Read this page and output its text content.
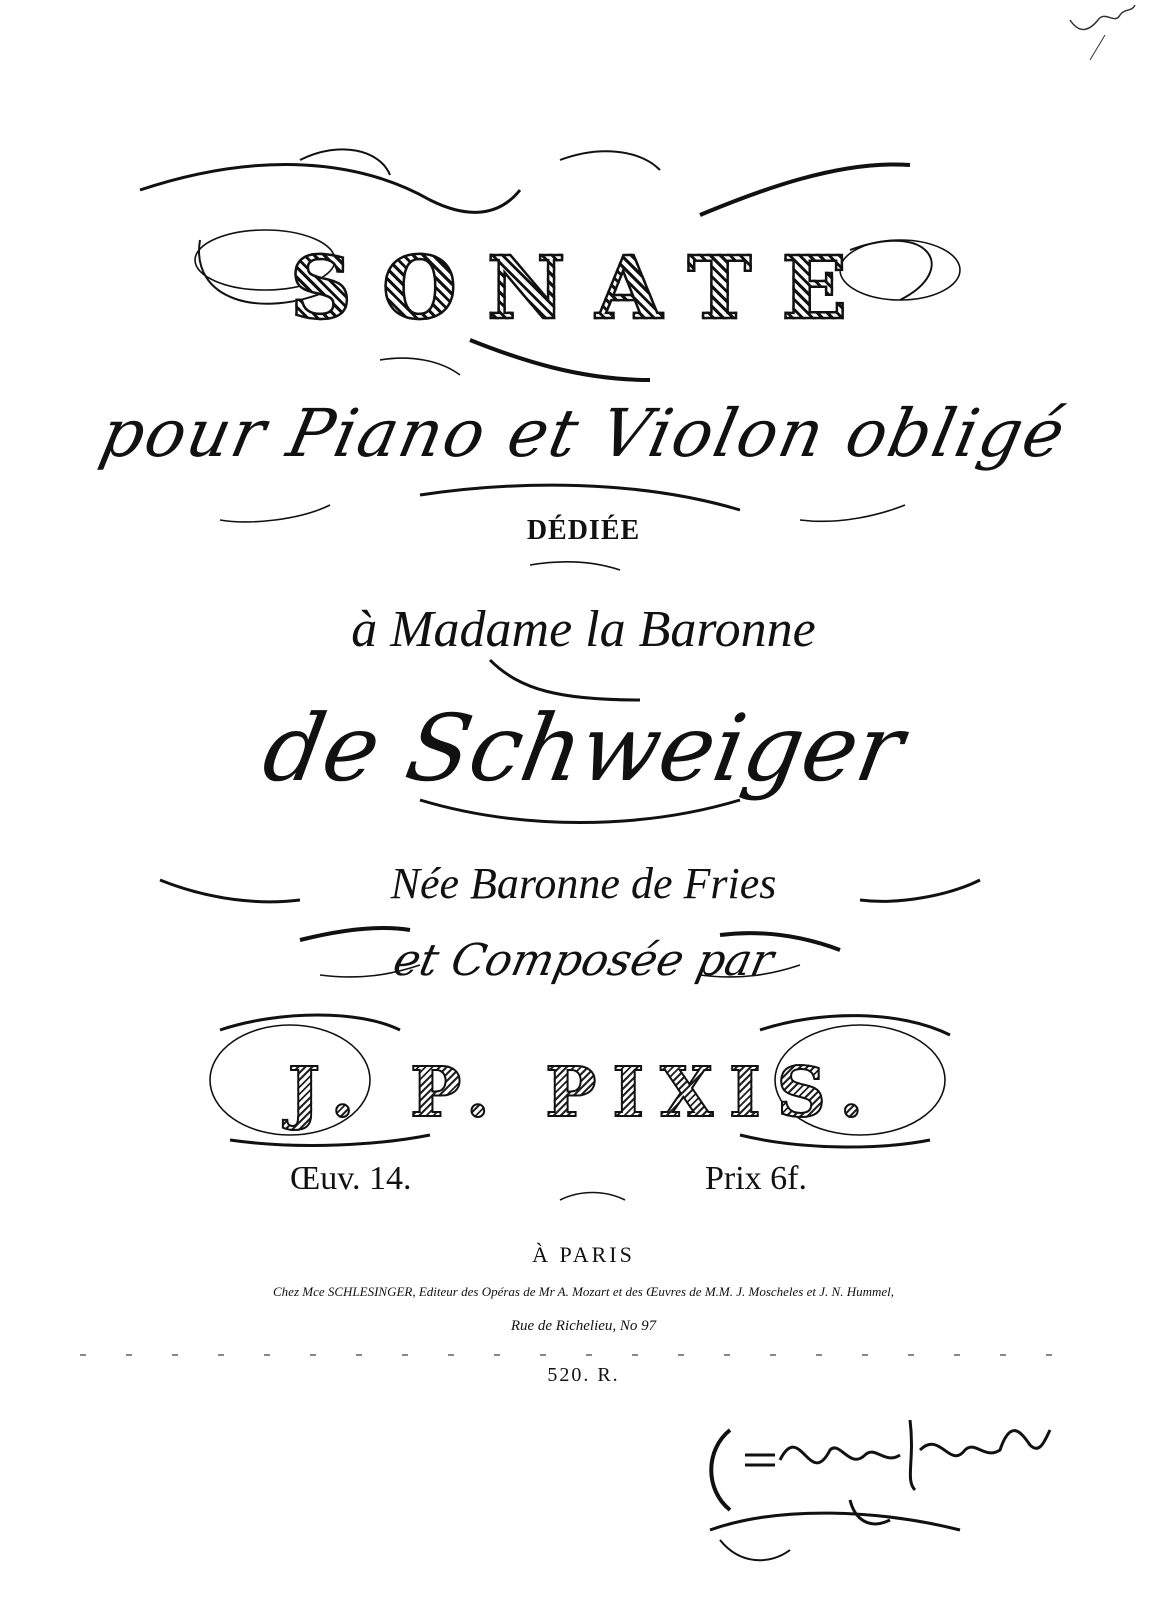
SONATE
pour Piano et Violon obligé
DÉDIÉE
à Madame la Baronne
de Schweiger
Née Baronne de Fries
et Composée par
J. P. PIXIS.
Œuv. 14.	Prix 6f.
À PARIS
Chez Mce SCHLESINGER, Editeur des Opéras de Mr A. Mozart et des Œuvres de M.M. J. Moscheles et J. N. Hummel,
Rue de Richelieu, No 97
520. R.
